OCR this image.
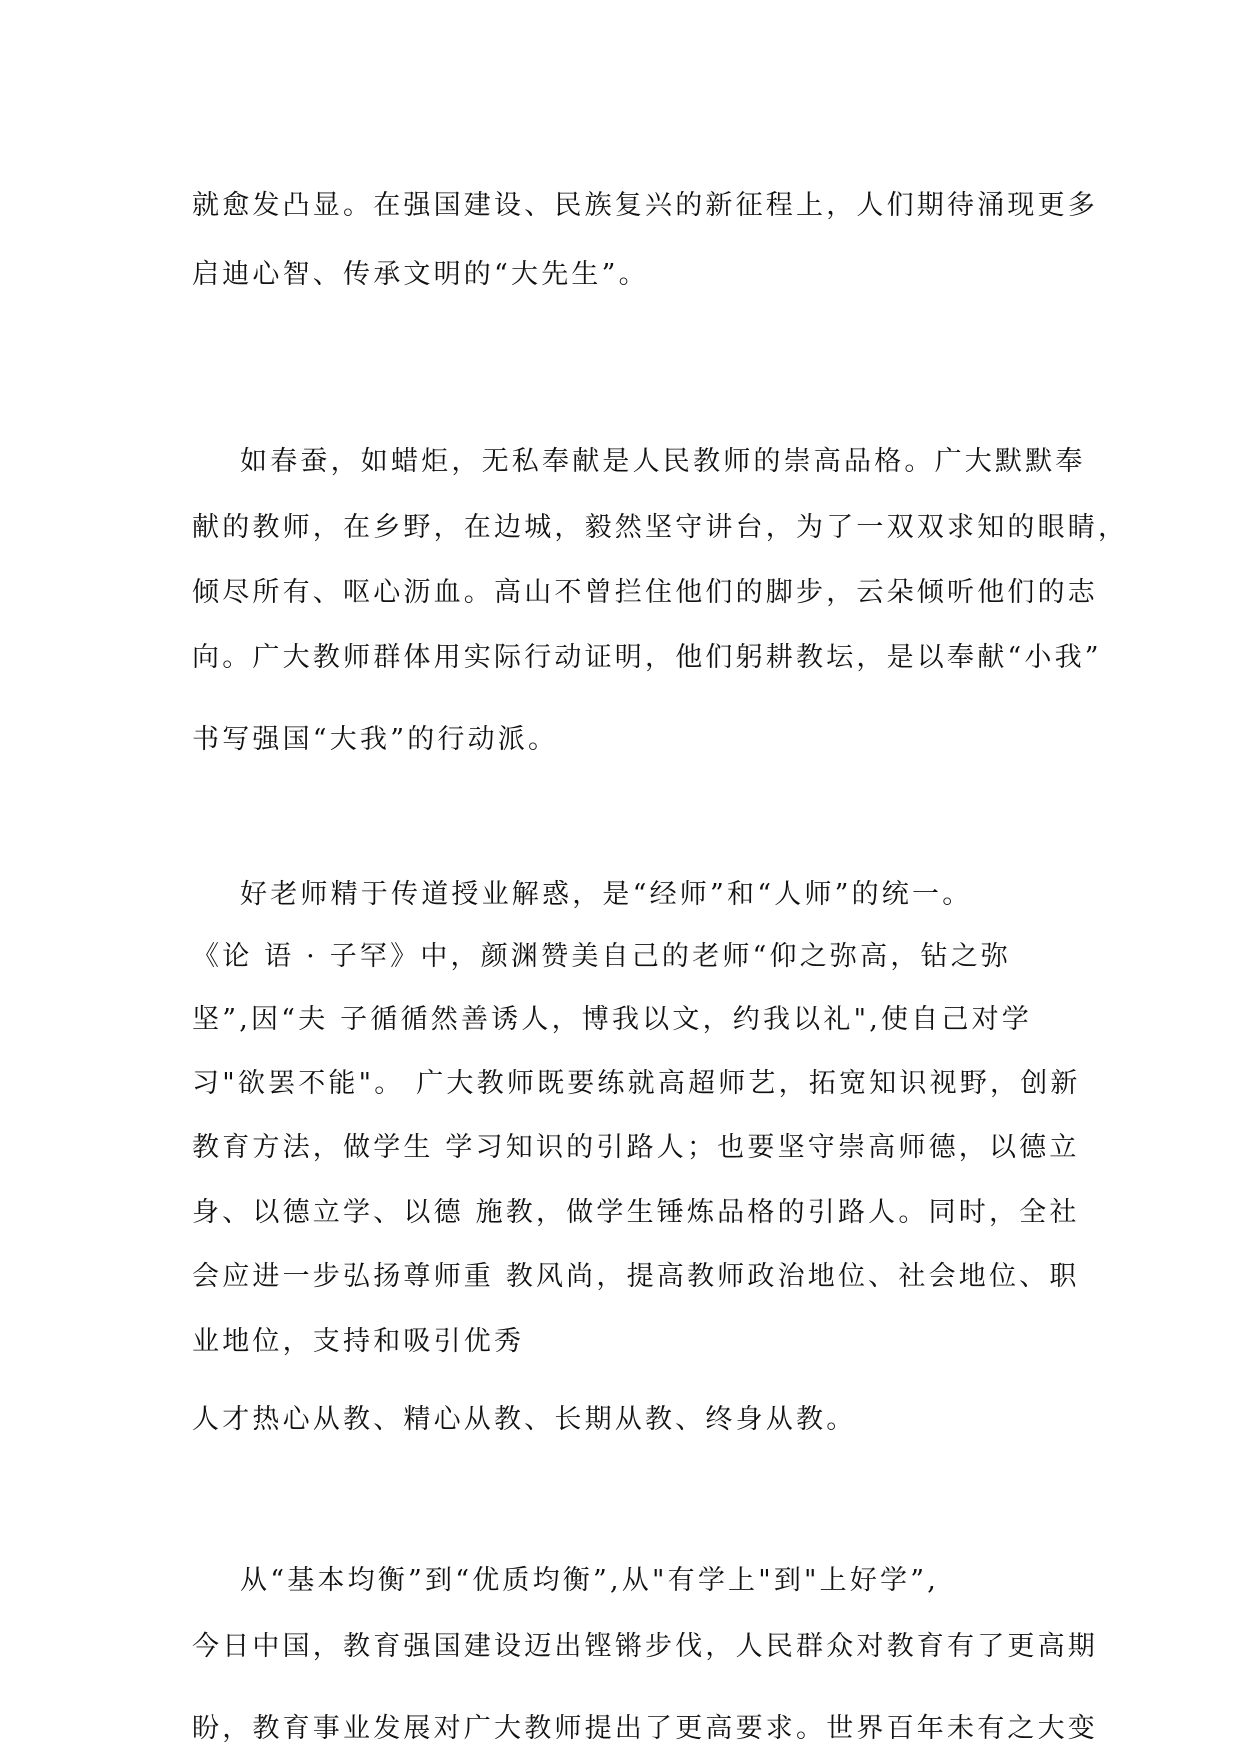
就愈发凸显。在强国建设、民族复兴的新征程上，人们期待涌现更多
启迪心智、传承文明的“大先生”。
如春蚕，如蜡炬，无私奉献是人民教师的崇高品格。广大默默奉
献的教师，在乡野，在边城，毅然坚守讲台，为了一双双求知的眼睛，
倾尽所有、呕心沥血。高山不曾拦住他们的脚步，云朵倾听他们的志
向。广大教师群体用实际行动证明，他们躬耕教坛，是以奉献“小我”
书写强国“大我”的行动派。
好老师精于传道授业解惑，是“经师”和“人师”的统一。
《论 语 · 子罕》中，颜渊赞美自己的老师“仰之弥高，钻之弥
坚”,因“夫 子循循然善诱人，博我以文，约我以礼",使自己对学
习"欲罢不能"。 广大教师既要练就高超师艺，拓宽知识视野，创新
教育方法，做学生 学习知识的引路人；也要坚守崇高师德，以德立
身、以德立学、以德 施教，做学生锤炼品格的引路人。同时，全社
会应进一步弘扬尊师重 教风尚，提高教师政治地位、社会地位、职
业地位，支持和吸引优秀
人才热心从教、精心从教、长期从教、终身从教。
从“基本均衡”到“优质均衡”,从"有学上"到"上好学”,
今日中国，教育强国建设迈出铿锵步伐，人民群众对教育有了更高期
盼，教育事业发展对广大教师提出了更高要求。世界百年未有之大变
